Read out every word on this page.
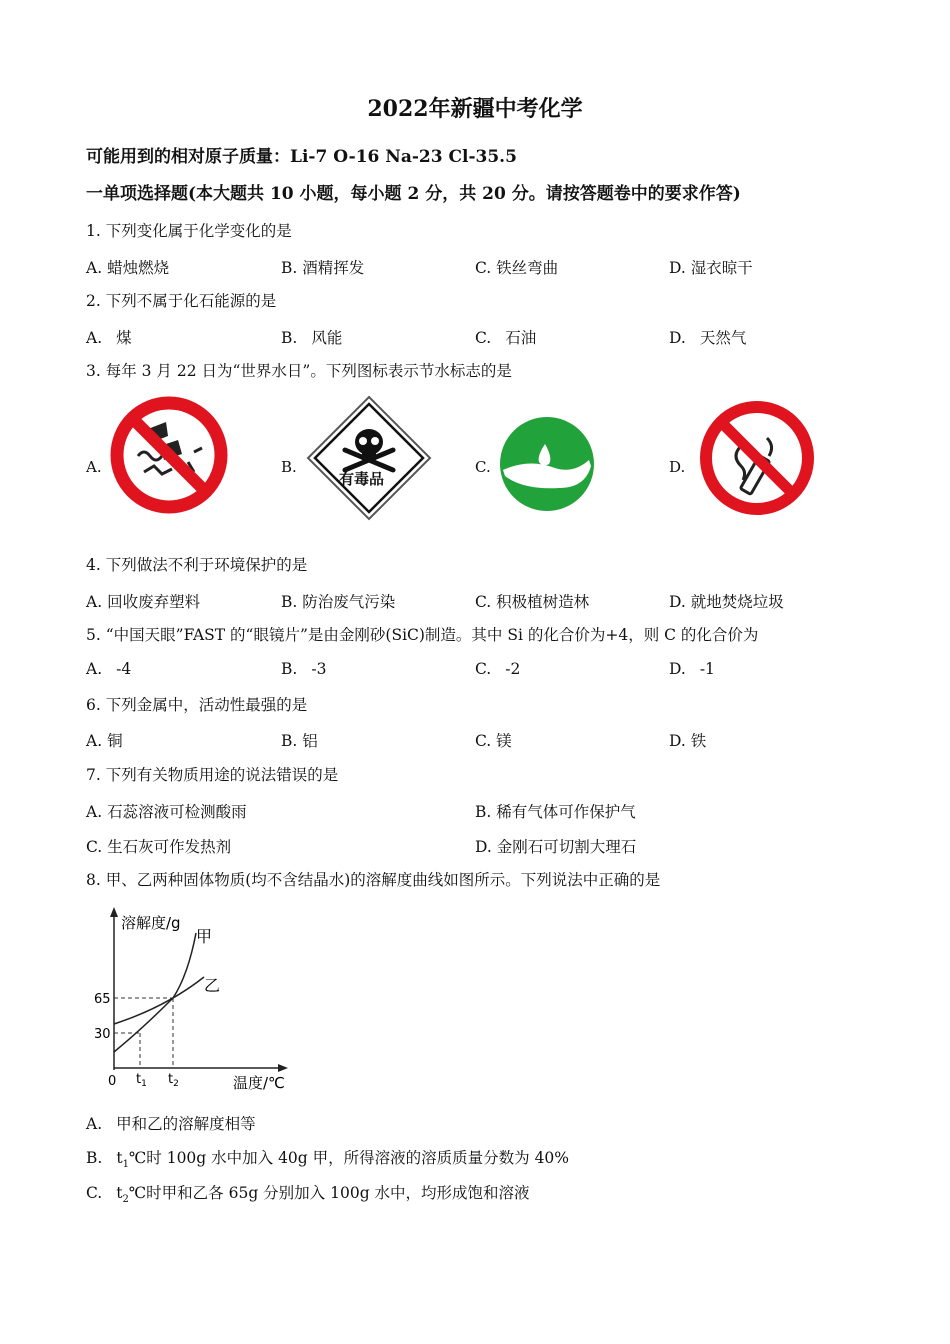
2022年新疆中考化学
可能用到的相对原子质量：Li-7 O-16 Na-23 Cl-35.5
一单项选择题(本大题共 10 小题，每小题 2 分，共 20 分。请按答题卷中的要求作答)
1. 下列变化属于化学变化的是
A. 蜡烛燃烧	B. 酒精挥发	C. 铁丝弯曲	D. 湿衣晾干
2. 下列不属于化石能源的是
A. 煤	B. 风能	C. 石油	D. 天然气
3. 每年 3 月 22 日为“世界水日”。下列图标表示节水标志的是
A.	B.
有毒品
C.	D.
4. 下列做法不利于环境保护的是
A. 回收废弃塑料	B. 防治废气污染	C. 积极植树造林	D. 就地焚烧垃圾
5. “中国天眼”FAST 的“眼镜片”是由金刚砂(SiC)制造。其中 Si 的化合价为+4，则 C 的化合价为
A. -4	B. -3	C. -2	D. -1
6. 下列金属中，活动性最强的是
A. 铜	B. 铝	C. 镁	D. 铁
7. 下列有关物质用途的说法错误的是
A. 石蕊溶液可检测酸雨	B. 稀有气体可作保护气
C. 生石灰可作发热剂	D. 金刚石可切割大理石
8. 甲、乙两种固体物质(均不含结晶水)的溶解度曲线如图所示。下列说法中正确的是
溶解度/g
温度/℃
0
65
30
$t_1$ $t_2$
甲
乙
A. 甲和乙的溶解度相等
B. $t_1℃$时 100g 水中加入 40g 甲，所得溶液的溶质质量分数为 40%
C. $t_2℃$时甲和乙各 65g 分别加入 100g 水中，均形成饱和溶液
